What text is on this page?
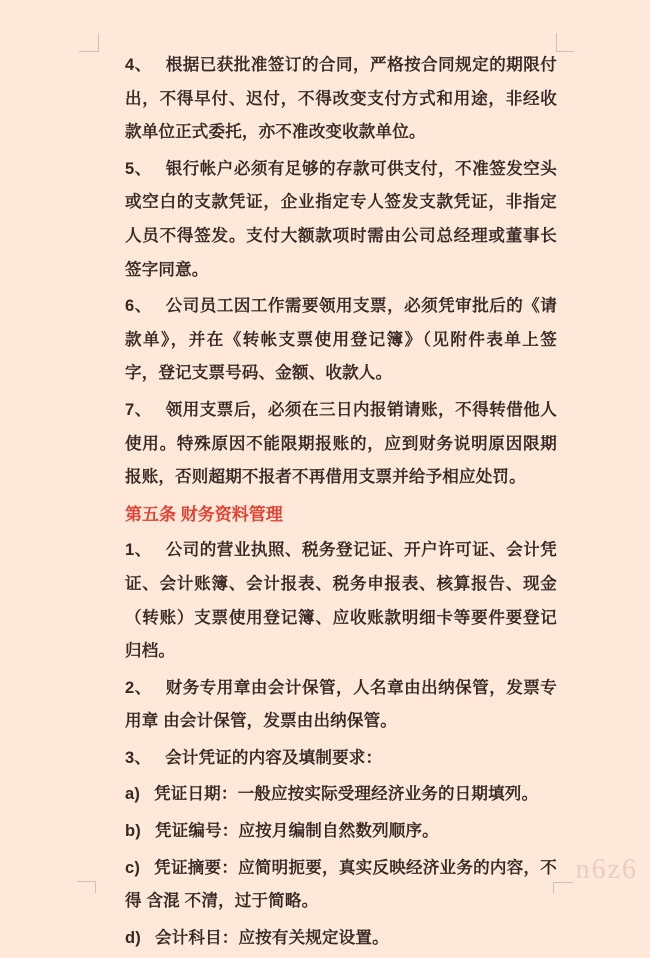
4、 根据已获批准签订的合同，严格按合同规定的期限付出，不得早付、迟付，不得改变支付方式和用途，非经收款单位正式委托，亦不准改变收款单位。

5、 银行帐户必须有足够的存款可供支付，不准签发空头或空白的支款凭证，企业指定专人签发支款凭证，非指定人员不得签发。支付大额款项时需由公司总经理或董事长签字同意。

6、 公司员工因工作需要领用支票，必须凭审批后的《请款单》，并在《转帐支票使用登记簿》（见附件表单上签字，登记支票号码、金额、收款人。

7、 领用支票后，必须在三日内报销请账，不得转借他人使用。特殊原因不能限期报账的，应到财务说明原因限期报账，否则超期不报者不再借用支票并给予相应处罚。

第五条 财务资料管理

1、 公司的营业执照、税务登记证、开户许可证、会计凭证、会计账簿、会计报表、税务申报表、核算报告、现金（转账）支票使用登记簿、应收账款明细卡等要件要登记归档。

2、 财务专用章由会计保管，人名章由出纳保管，发票专用章 由会计保管，发票由出纳保管。

3、 会计凭证的内容及填制要求：

a) 凭证日期：一般应按实际受理经济业务的日期填列。

b) 凭证编号：应按月编制自然数列顺序。

c) 凭证摘要：应简明扼要，真实反映经济业务的内容，不得 含混 不清，过于简略。

d) 会计科目：应按有关规定设置。

n6z6
